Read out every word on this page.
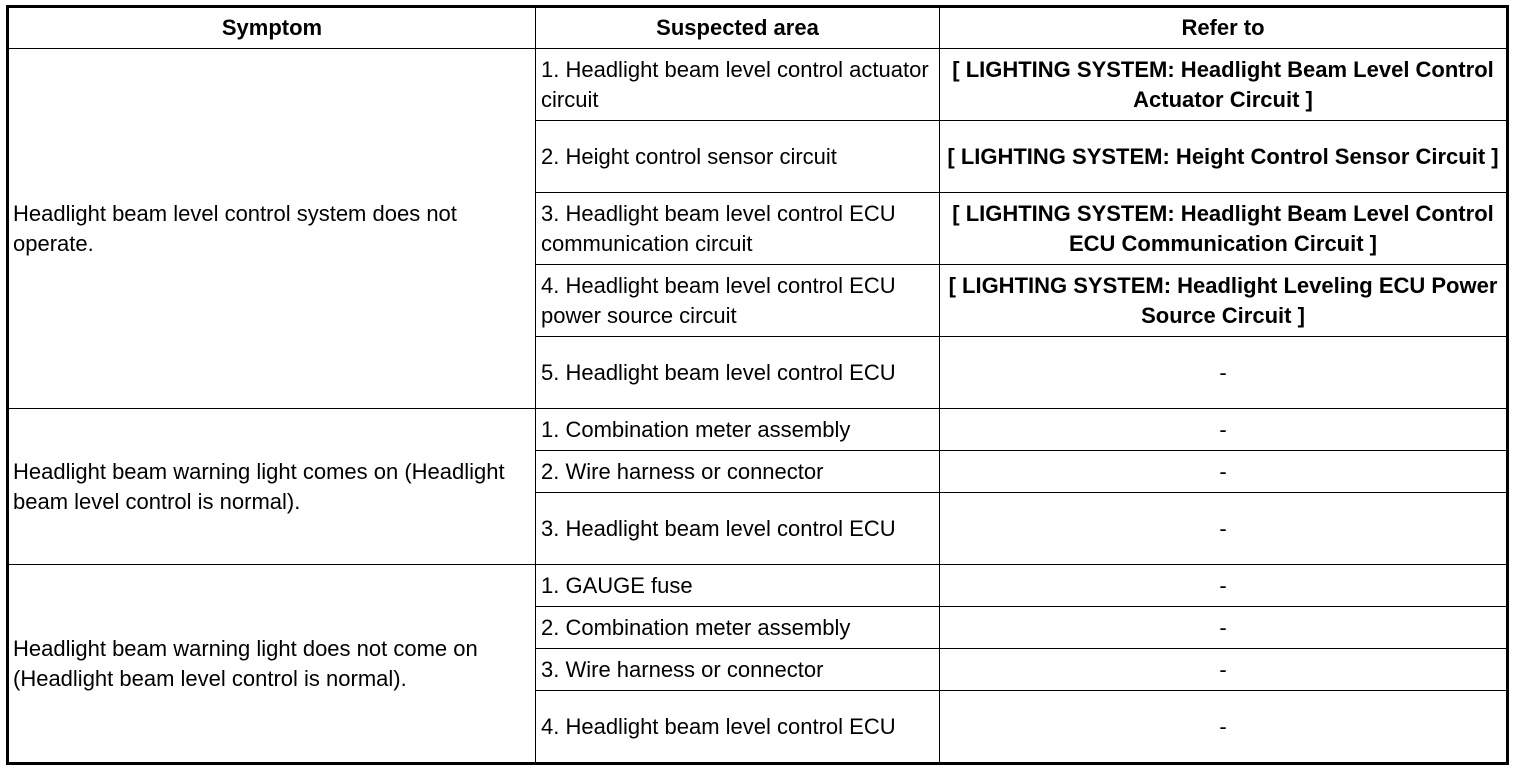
Symptom	Suspected area	Refer to
Headlight beam level control system does not operate.	1. Headlight beam level control actuator circuit	[ LIGHTING SYSTEM: Headlight Beam Level Control Actuator Circuit ]
	2. Height control sensor circuit	[ LIGHTING SYSTEM: Height Control Sensor Circuit ]
	3. Headlight beam level control ECU communication circuit	[ LIGHTING SYSTEM: Headlight Beam Level Control ECU Communication Circuit ]
	4. Headlight beam level control ECU power source circuit	[ LIGHTING SYSTEM: Headlight Leveling ECU Power Source Circuit ]
	5. Headlight beam level control ECU	-
Headlight beam warning light comes on (Headlight beam level control is normal).	1. Combination meter assembly	-
	2. Wire harness or connector	-
	3. Headlight beam level control ECU	-
Headlight beam warning light does not come on (Headlight beam level control is normal).	1. GAUGE fuse	-
	2. Combination meter assembly	-
	3. Wire harness or connector	-
	4. Headlight beam level control ECU	-
